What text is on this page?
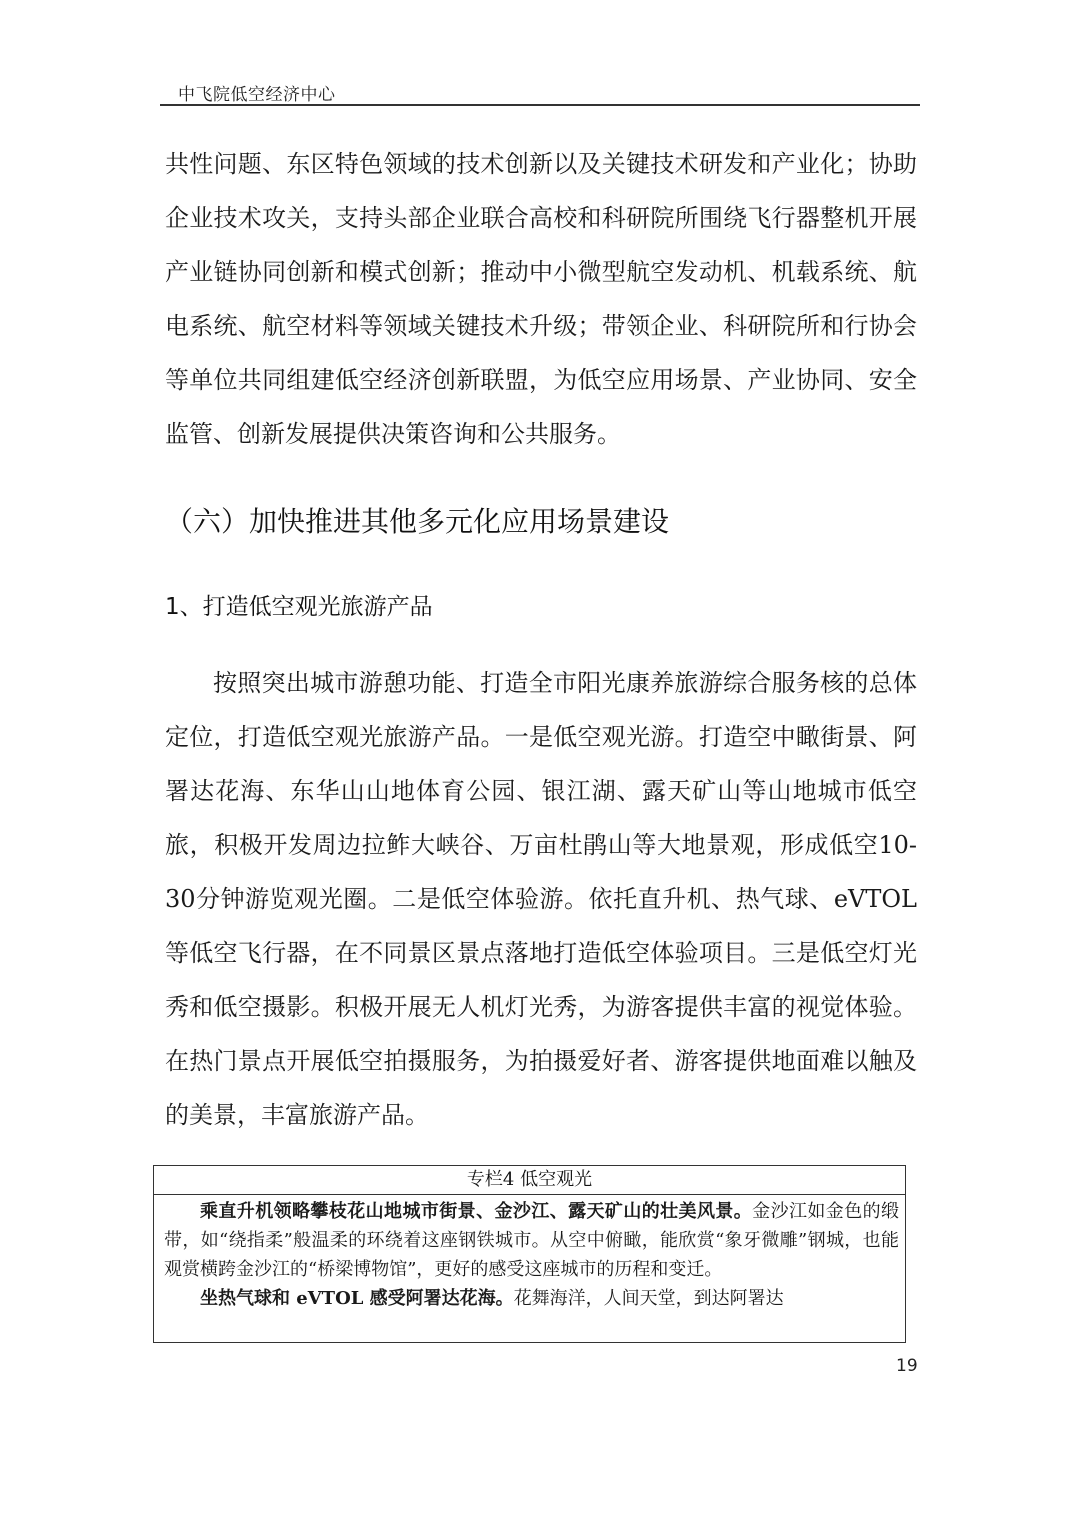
中飞院低空经济中心

共性问题、东区特色领域的技术创新以及关键技术研发和产业化；协助企业技术攻关，支持头部企业联合高校和科研院所围绕飞行器整机开展产业链协同创新和模式创新；推动中小微型航空发动机、机载系统、航电系统、航空材料等领域关键技术升级；带领企业、科研院所和行协会等单位共同组建低空经济创新联盟，为低空应用场景、产业协同、安全监管、创新发展提供决策咨询和公共服务。

（六）加快推进其他多元化应用场景建设
1、打造低空观光旅游产品

按照突出城市游憩功能、打造全市阳光康养旅游综合服务核的总体定位，打造低空观光旅游产品。一是低空观光游。打造空中瞰街景、阿署达花海、东华山山地体育公园、银江湖、露天矿山等山地城市低空旅，积极开发周边拉鲊大峡谷、万亩杜鹃山等大地景观，形成低空10-30分钟游览观光圈。二是低空体验游。依托直升机、热气球、eVTOL等低空飞行器，在不同景区景点落地打造低空体验项目。三是低空灯光秀和低空摄影。积极开展无人机灯光秀，为游客提供丰富的视觉体验。在热门景点开展低空拍摄服务，为拍摄爱好者、游客提供地面难以触及的美景，丰富旅游产品。

专栏4 低空观光

乘直升机领略攀枝花山地城市街景、金沙江、露天矿山的壮美风景。金沙江如金色的缎带，如“绕指柔”般温柔的环绕着这座钢铁城市。从空中俯瞰，能欣赏“象牙微雕”钢城，也能观赏横跨金沙江的“桥梁博物馆”，更好的感受这座城市的历程和变迁。

坐热气球和 eVTOL 感受阿署达花海。花舞海洋，人间天堂，到达阿署达

19
